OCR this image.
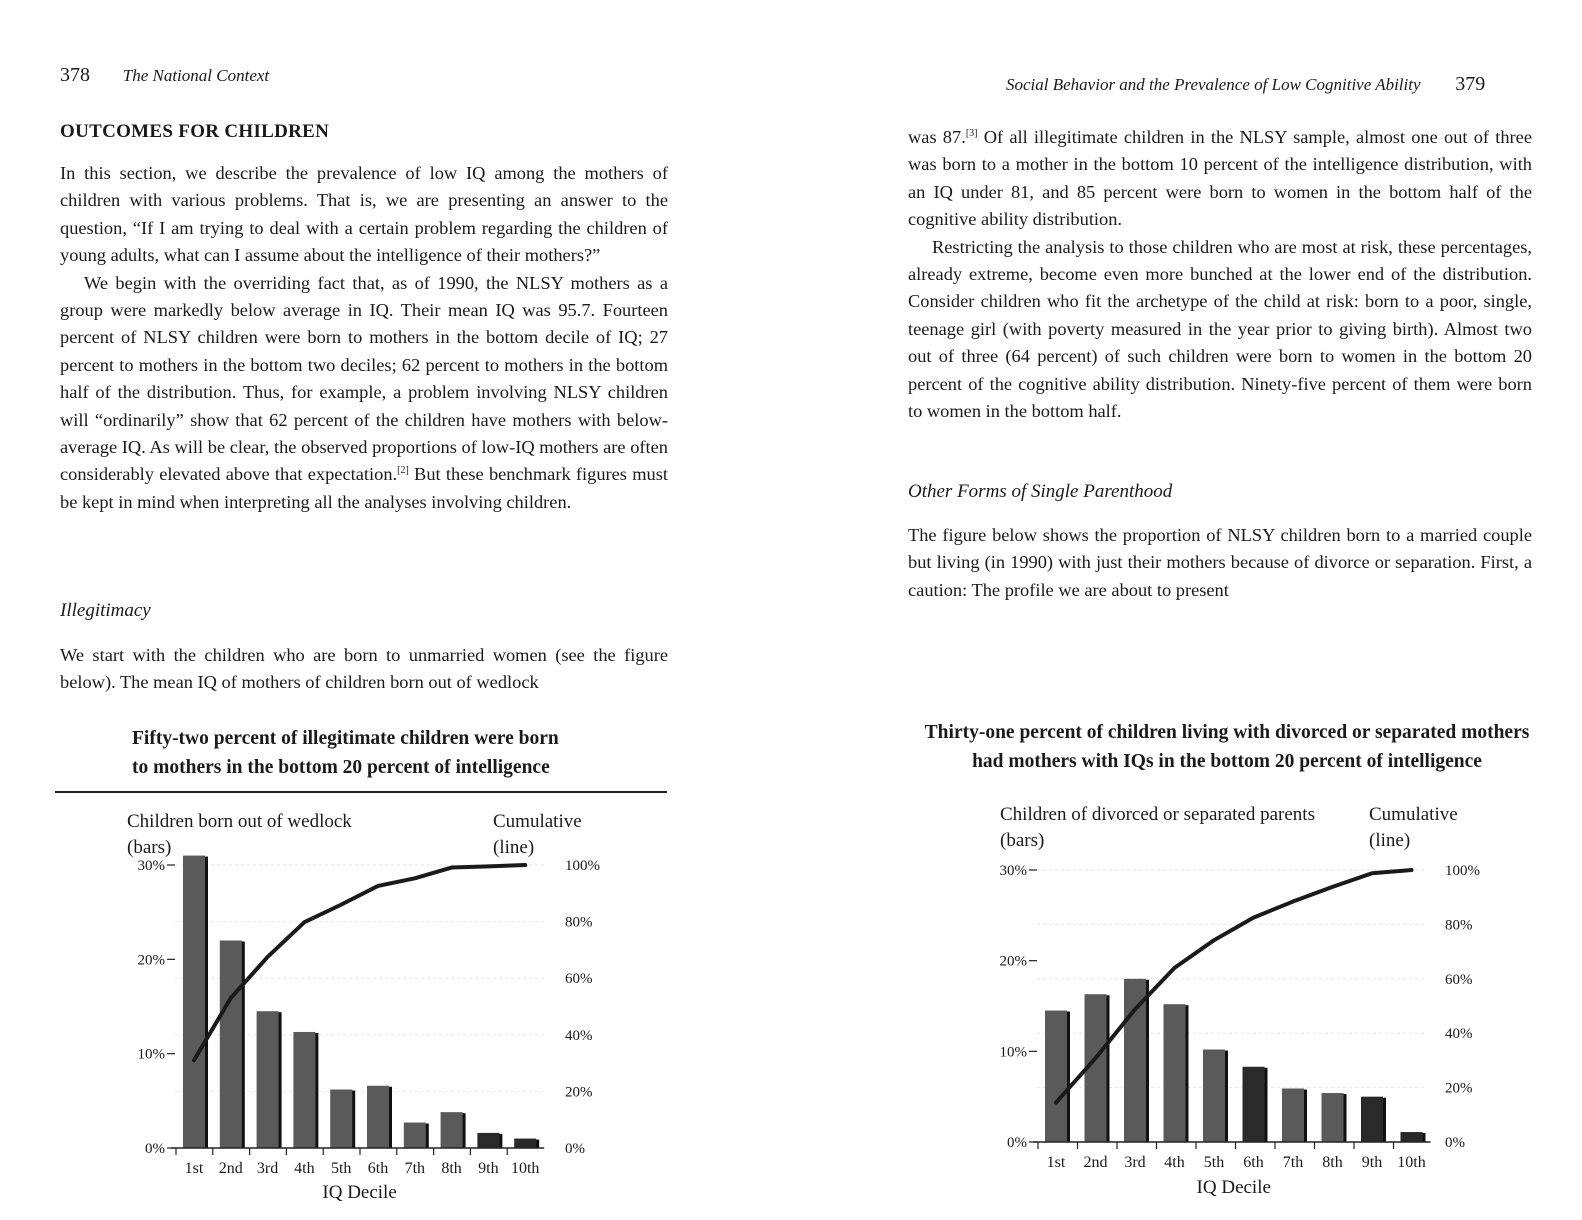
378 The National Context
OUTCOMES FOR CHILDREN

In this section, we describe the prevalence of low IQ among the mothers of children with various problems. That is, we are presenting an answer to the question, “If I am trying to deal with a certain problem regarding the children of young adults, what can I assume about the intelligence of their mothers?”

We begin with the overriding fact that, as of 1990, the NLSY mothers as a group were markedly below average in IQ. Their mean IQ was 95.7. Fourteen percent of NLSY children were born to mothers in the bottom decile of IQ; 27 percent to mothers in the bottom two deciles; 62 percent to mothers in the bottom half of the distribution. Thus, for example, a problem involving NLSY children will “ordinarily” show that 62 percent of the children have mothers with below-average IQ. As will be clear, the observed proportions of low-IQ mothers are often considerably elevated above that expectation.[2] But these benchmark figures must be kept in mind when interpreting all the analyses involving children.

Illegitimacy

We start with the children who are born to unmarried women (see the figure below). The mean IQ of mothers of children born out of wedlock

Fifty-two percent of illegitimate children were born
to mothers in the bottom 20 percent of intelligence
Children born out of wedlock
(bars)
Cumulative
(line)
0%
10%
20%
30%
0%
20%
40%
60%
80%
100%
1st 2nd 3rd 4th 5th 6th 7th 8th 9th 10th
IQ Decile
Social Behavior and the Prevalence of Low Cognitive Ability 379

was 87.[3] Of all illegitimate children in the NLSY sample, almost one out of three was born to a mother in the bottom 10 percent of the intelligence distribution, with an IQ under 81, and 85 percent were born to women in the bottom half of the cognitive ability distribution.

Restricting the analysis to those children who are most at risk, these percentages, already extreme, become even more bunched at the lower end of the distribution. Consider children who fit the archetype of the child at risk: born to a poor, single, teenage girl (with poverty measured in the year prior to giving birth). Almost two out of three (64 percent) of such children were born to women in the bottom 20 percent of the cognitive ability distribution. Ninety-five percent of them were born to women in the bottom half.

Other Forms of Single Parenthood

The figure below shows the proportion of NLSY children born to a married couple but living (in 1990) with just their mothers because of divorce or separation. First, a caution: The profile we are about to present

Thirty-one percent of children living with divorced or separated mothers
had mothers with IQs in the bottom 20 percent of intelligence
Children of divorced or separated parents
(bars)
Cumulative
(line)
0%
10%
20%
30%
0%
20%
40%
60%
80%
100%
1st 2nd 3rd 4th 5th 6th 7th 8th 9th 10th
IQ Decile
